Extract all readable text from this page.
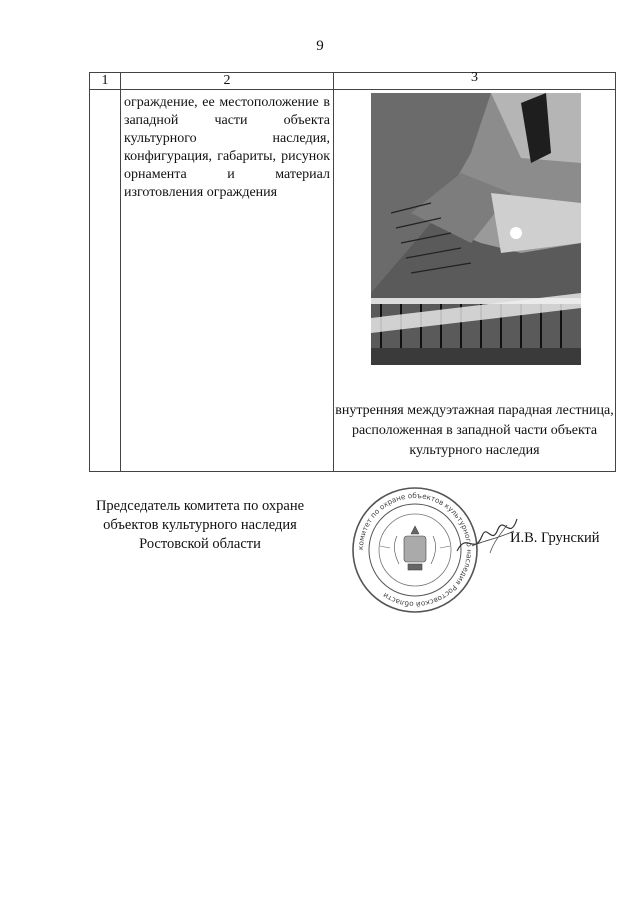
9
1	2	3

	ограждение, ее местоположение в западной части объекта культурного наследия, конфигурация, габариты, рисунок орнамента и материал изготовления ограждения	внутренняя междуэтажная парадная лестница, расположенная в западной части объекта культурного наследия
Председатель комитета по охране объектов культурного наследия Ростовской области	комитет по охране объектов культурного наследия Ростовской области
И.В. Грунский
